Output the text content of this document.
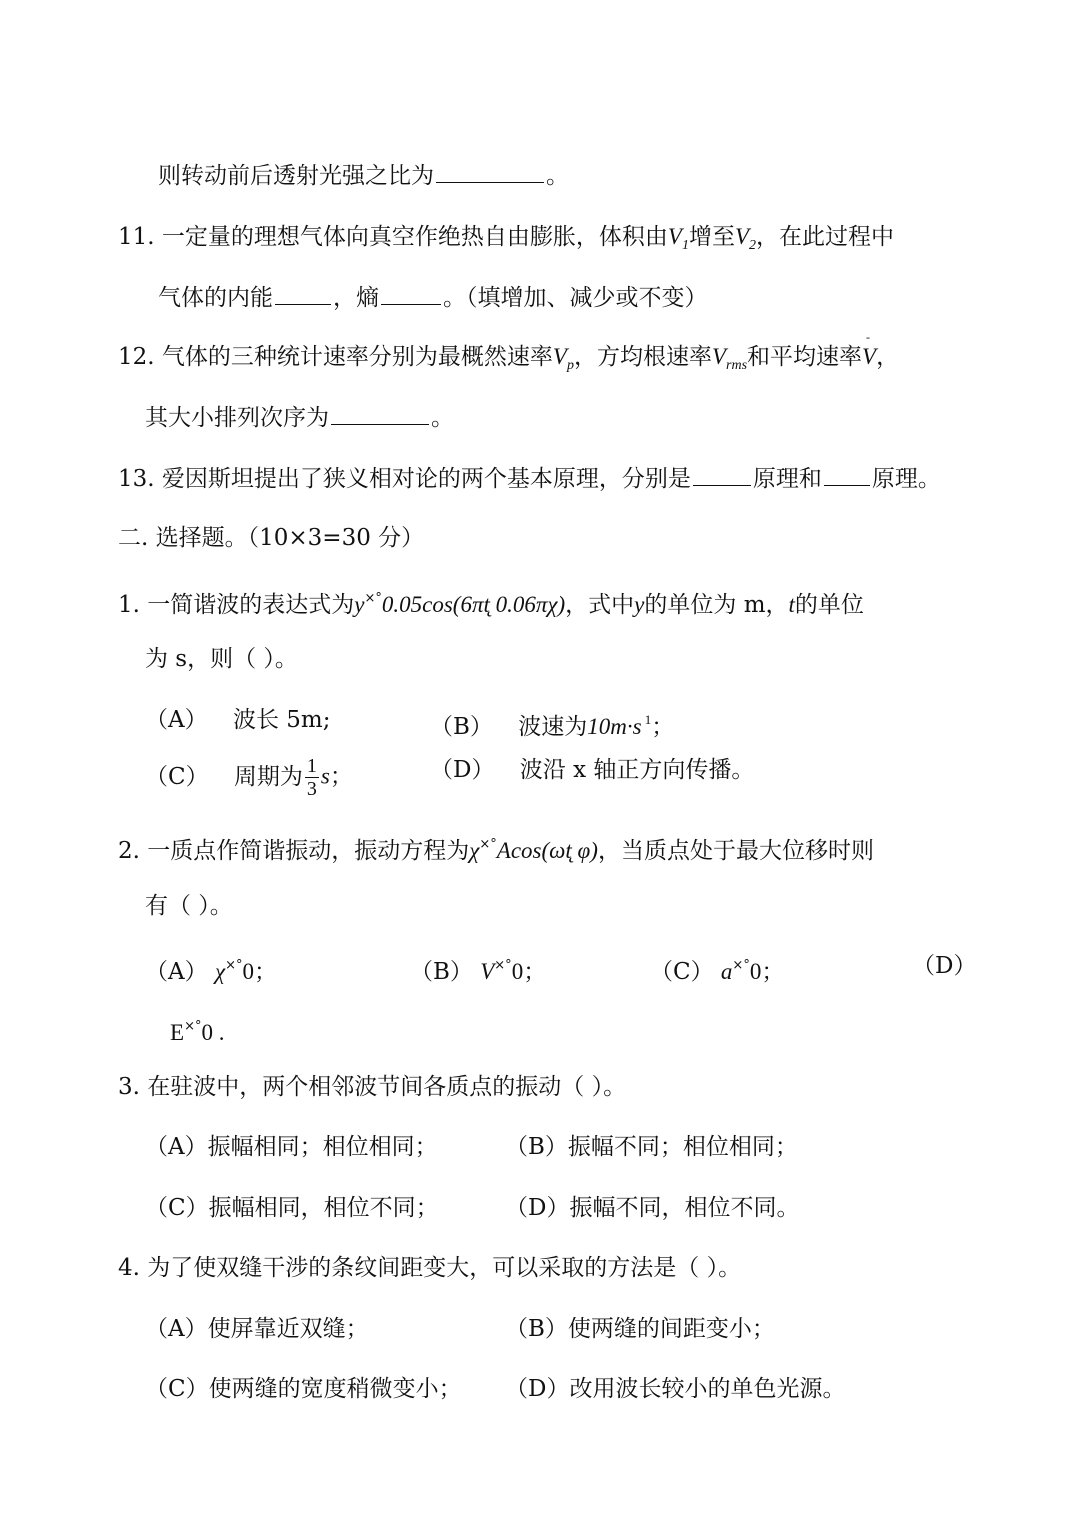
则转动前后透射光强之比为	。
11. 一定量的理想气体向真空作绝热自由膨胀，体积由$V_1$增至$V_2$，在此过程中
气体的内能	，熵	。（填增加、减少或不变）
12. 气体的三种统计速率分别为最概然速率$V_p$，方均根速率$V_{rms}$和平均速率- V，
其大小排列次序为	。
13. 爱因斯坦提出了狭义相对论的两个基本原理，分别是	原理和 原理。
二. 选择题。（10×3=30 分）
1. 一简谐波的表达式为y×°0.05cos(6πt̨ 0.06πχ)，式中y的单位为 m，t的单位
为 s，则（ ）。
（A） 波长 5m;	（B） 波速为10m·s $^1$；
（C） 周期为 $\frac{1}{3}$ s；	（D） 波沿 x 轴正方向传播。
2. 一质点作简谐振动，振动方程为χ×°Acos(ωt̨ φ)，当质点处于最大位移时则
有（ ）。
（A） χ×°0；	（B） V×°0；	（C） a×°0；	（D）
E×°0 .
3. 在驻波中，两个相邻波节间各质点的振动（ ）。
（A）振幅相同；相位相同；	（B）振幅不同；相位相同；
（C）振幅相同，相位不同；	（D）振幅不同，相位不同。
4. 为了使双缝干涉的条纹间距变大，可以采取的方法是（ ）。
（A）使屏靠近双缝；	（B）使两缝的间距变小；
（C）使两缝的宽度稍微变小； （D）改用波长较小的单色光源。
